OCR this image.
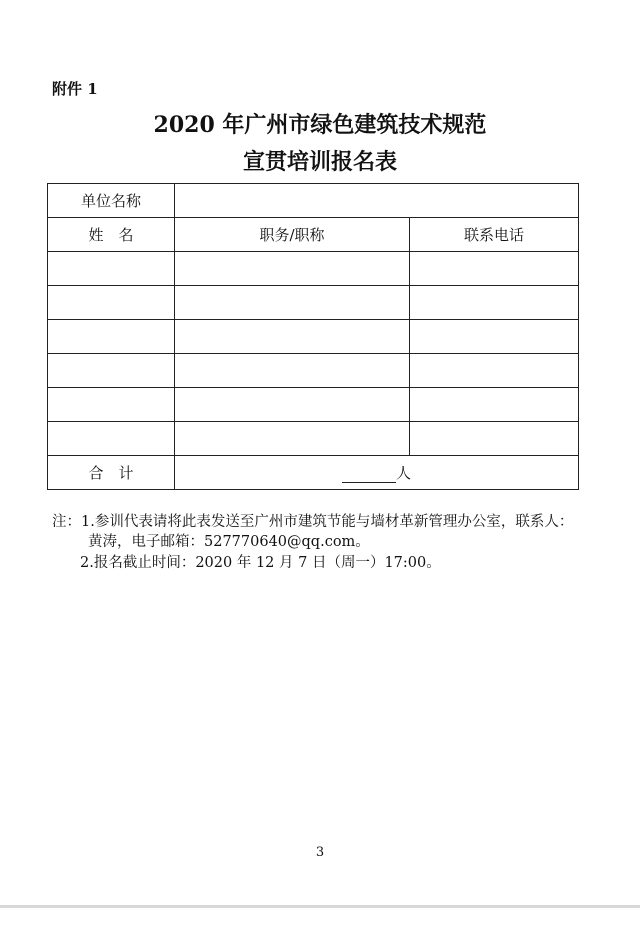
附件 1
2020 年广州市绿色建筑技术规范
宣贯培训报名表
单位名称		
姓　名	职务/职称	联系电话

合　计	人	
注：1.参训代表请将此表发送至广州市建筑节能与墙材革新管理办公室，联系人：
黄涛，电子邮箱：527770640@qq.com。
2.报名截止时间：2020 年 12 月 7 日（周一）17:00。
3
